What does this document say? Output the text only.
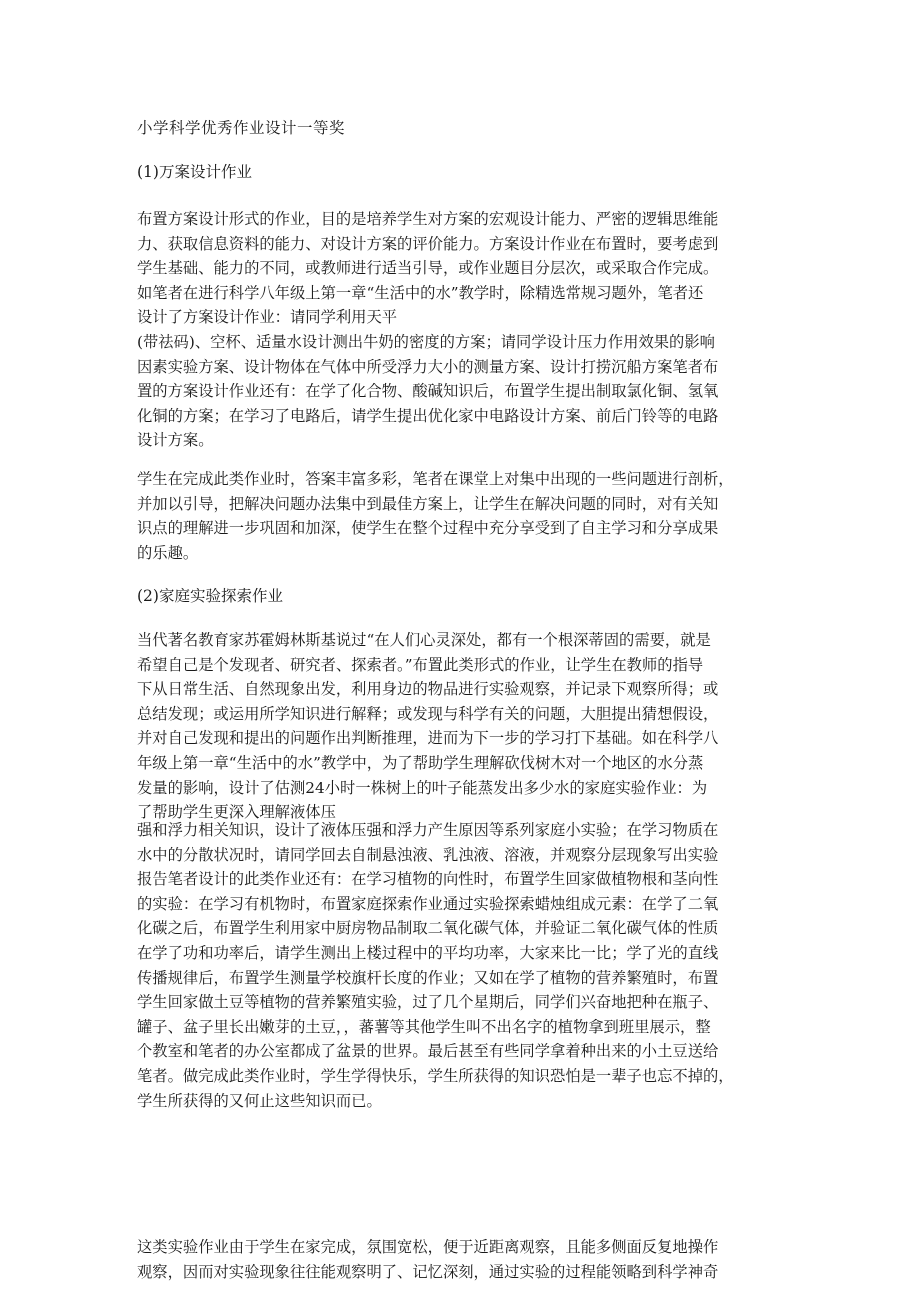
小学科学优秀作业设计一等奖
(1)万案设计作业
布置方案设计形式的作业，目的是培养学生对方案的宏观设计能力、严密的逻辑思维能
力、获取信息资料的能力、对设计方案的评价能力。方案设计作业在布置时，要考虑到
学生基础、能力的不同，或教师进行适当引导，或作业题目分层次，或采取合作完成。
如笔者在进行科学八年级上第一章“生活中的水”教学时，除精选常规习题外，笔者还
设计了方案设计作业：请同学利用天平
(带祛码)、空杯、适量水设计测出牛奶的密度的方案；请同学设计压力作用效果的影响
因素实验方案、设计物体在气体中所受浮力大小的测量方案、设计打捞沉船方案笔者布
置的方案设计作业还有：在学了化合物、酸碱知识后，布置学生提出制取氯化铜、氢氧
化铜的方案；在学习了电路后，请学生提出优化家中电路设计方案、前后门铃等的电路
设计方案。
学生在完成此类作业时，答案丰富多彩，笔者在课堂上对集中出现的一些问题进行剖析，
并加以引导，把解决问题办法集中到最佳方案上，让学生在解决问题的同时，对有关知
识点的理解进一步巩固和加深，使学生在整个过程中充分享受到了自主学习和分享成果
的乐趣。
(2)家庭实验探索作业
当代著名教育家苏霍姆林斯基说过“在人们心灵深处，都有一个根深蒂固的需要，就是
希望自己是个发现者、研究者、探索者。”布置此类形式的作业，让学生在教师的指导
下从日常生活、自然现象出发，利用身边的物品进行实验观察，并记录下观察所得；或
总结发现；或运用所学知识进行解释；或发现与科学有关的问题，大胆提出猜想假设，
并对自己发现和提出的问题作出判断推理，进而为下一步的学习打下基础。如在科学八
年级上第一章“生活中的水”教学中，为了帮助学生理解砍伐树木对一个地区的水分蒸
发量的影响，设计了估测24小时一株树上的叶子能蒸发出多少水的家庭实验作业：为
了帮助学生更深入理解液体压
强和浮力相关知识，设计了液体压强和浮力产生原因等系列家庭小实验；在学习物质在
水中的分散状况时，请同学回去自制悬浊液、乳浊液、溶液，并观察分层现象写出实验
报告笔者设计的此类作业还有：在学习植物的向性时，布置学生回家做植物根和茎向性
的实验：在学习有机物时，布置家庭探索作业通过实验探索蜡烛组成元素：在学了二氧
化碳之后，布置学生利用家中厨房物品制取二氧化碳气体，并验证二氧化碳气体的性质
在学了功和功率后，请学生测出上楼过程中的平均功率，大家来比一比；学了光的直线
传播规律后，布置学生测量学校旗杆长度的作业；又如在学了植物的营养繁殖时，布置
学生回家做土豆等植物的营养繁殖实验，过了几个星期后，同学们兴奋地把种在瓶子、
罐子、盆子里长出嫩芽的土豆，，蕃薯等其他学生叫不出名字的植物拿到班里展示，整
个教室和笔者的办公室都成了盆景的世界。最后甚至有些同学拿着种出来的小土豆送给
笔者。做完成此类作业时，学生学得快乐，学生所获得的知识恐怕是一辈子也忘不掉的，
学生所获得的又何止这些知识而已。
这类实验作业由于学生在家完成，氛围宽松，便于近距离观察，且能多侧面反复地操作
观察，因而对实验现象往往能观察明了、记忆深刻，通过实验的过程能领略到科学神奇
